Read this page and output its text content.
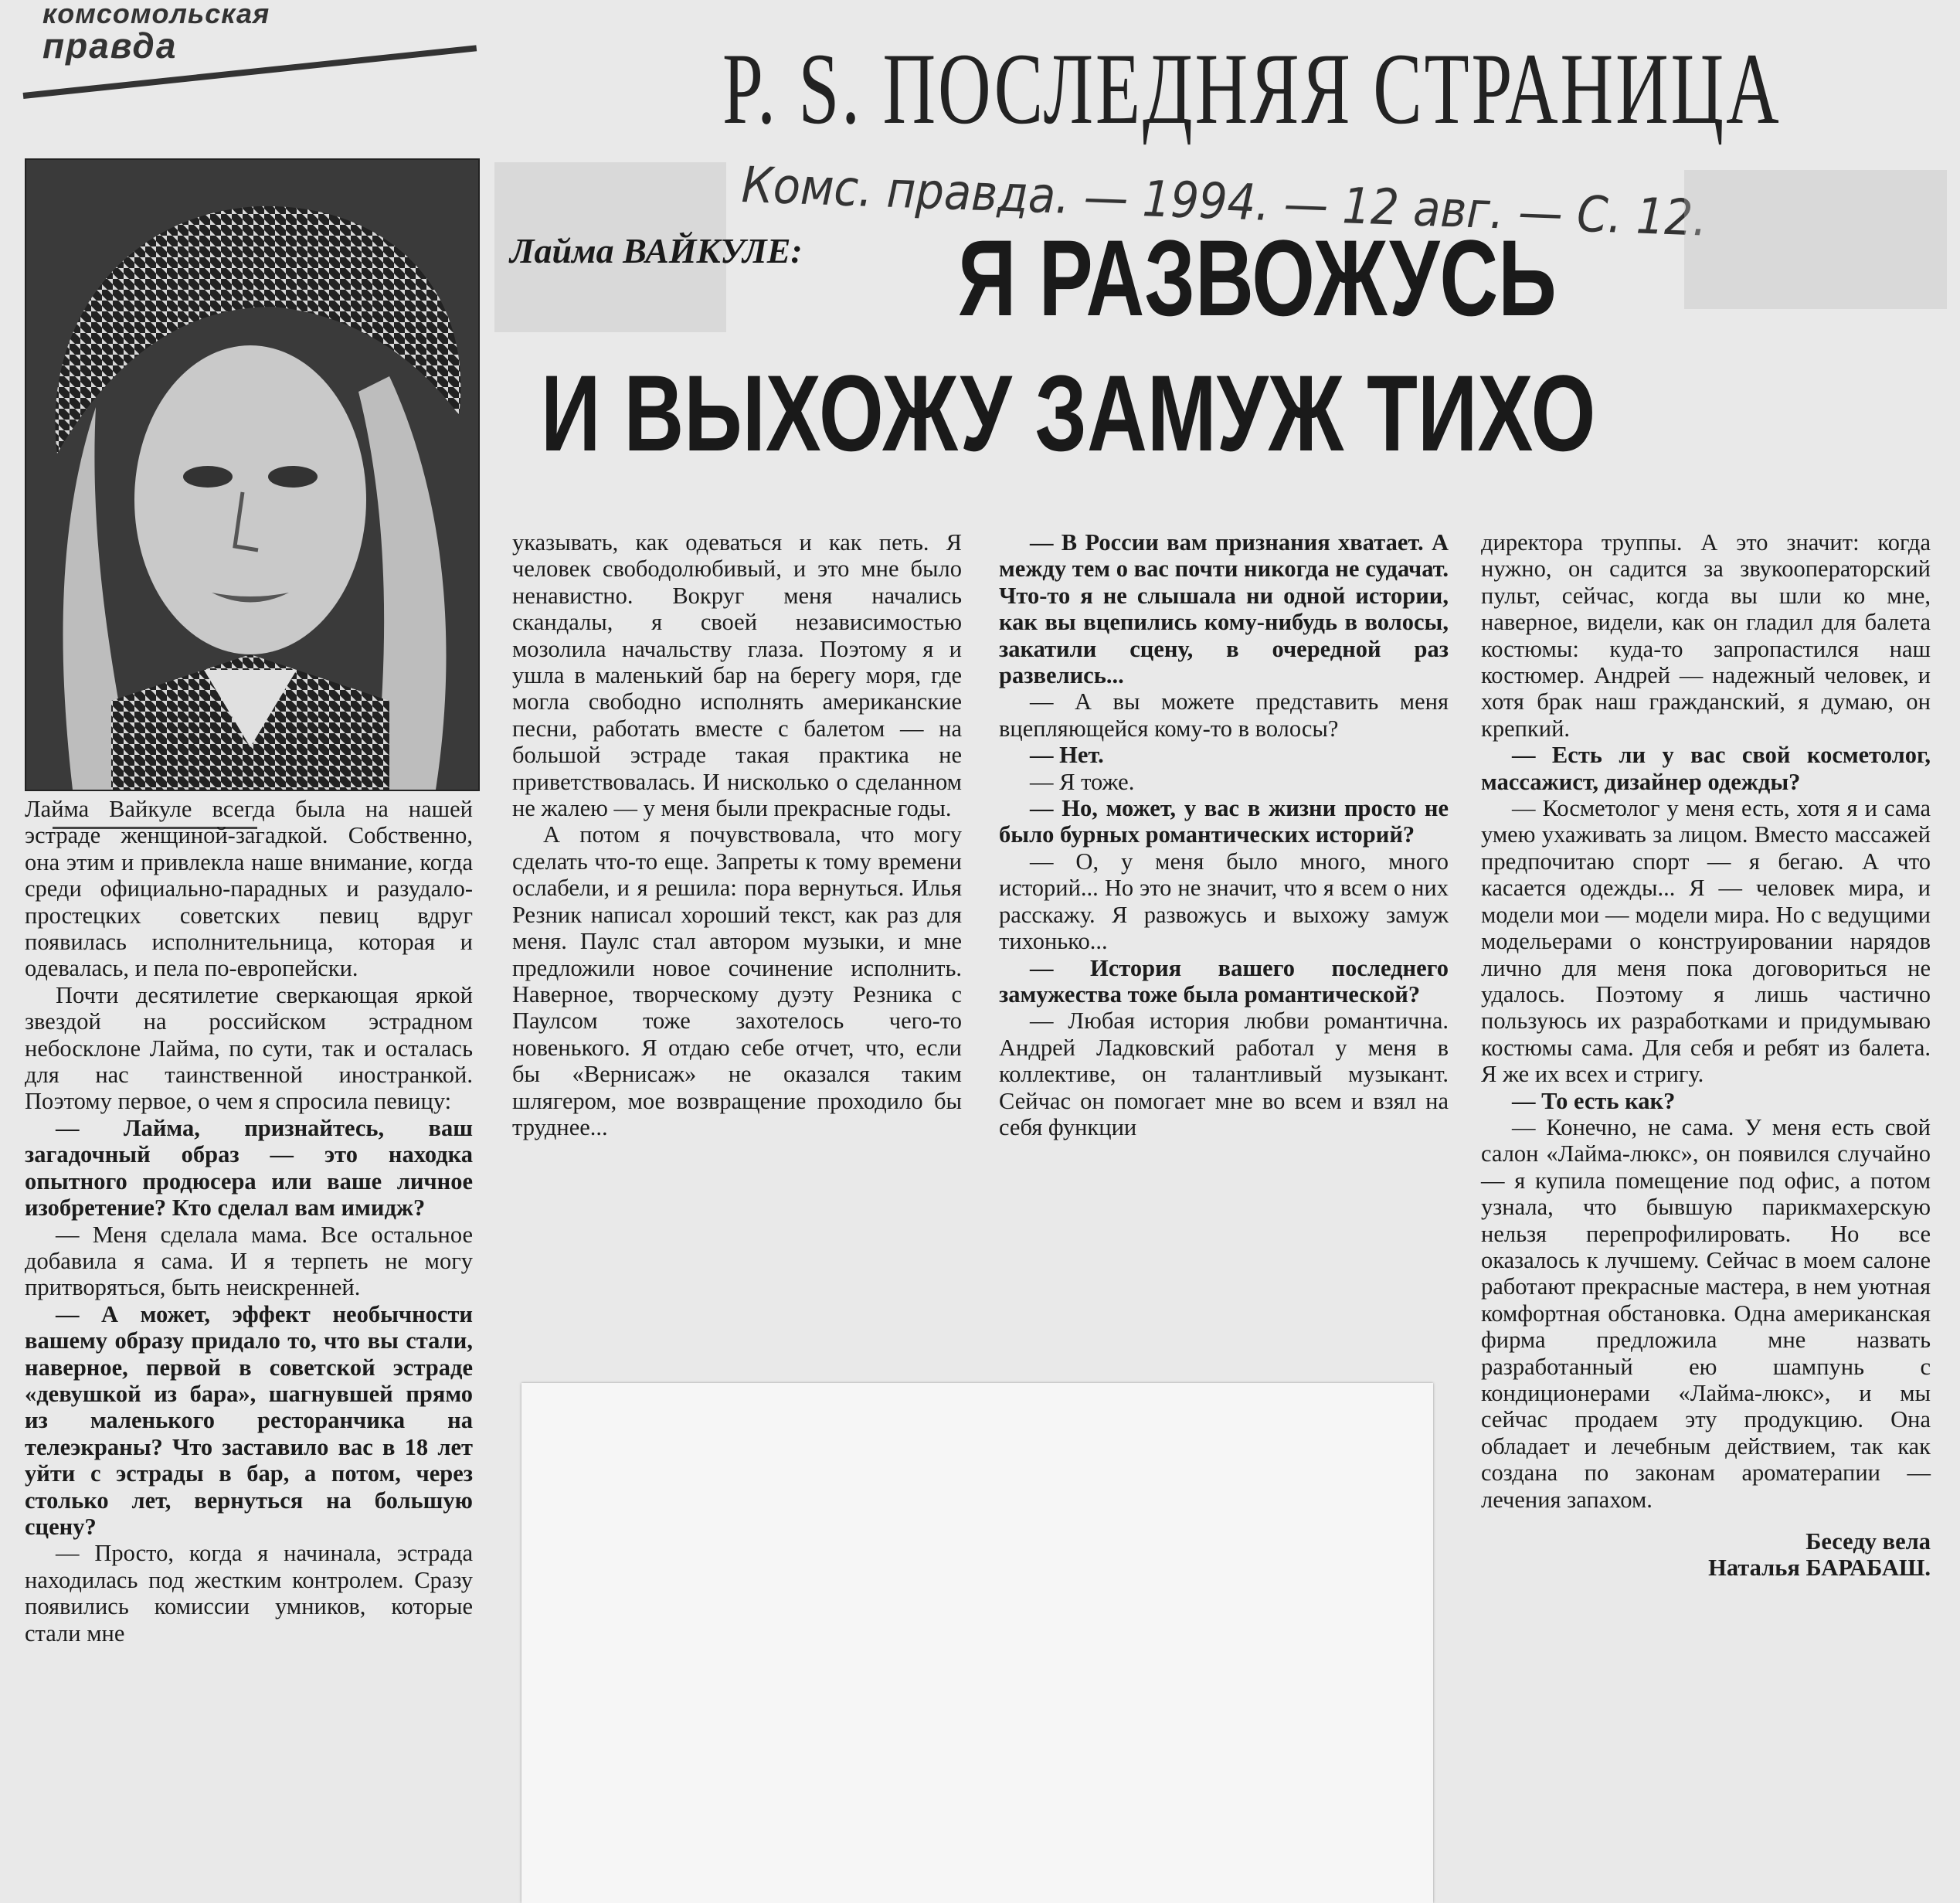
комсомольская
правда	P. S. ПОСЛЕДНЯЯ СТРАНИЦА
Комс. правда. — 1994. — 12 авг. — С. 12.
Лайма ВАЙКУЛЕ:	Я РАЗВОЖУСЬ
И ВЫХОЖУ ЗАМУЖ ТИХО

Лайма Вайкуле всегда была на нашей эстраде женщиной-загадкой. Собственно, она этим и привлекла наше внимание, когда среди официально-парадных и разудало-простецких советских певиц вдруг появилась исполнительница, которая и одевалась, и пела по-европейски.

Почти десятилетие сверкающая яркой звездой на российском эстрадном небосклоне Лайма, по сути, так и осталась для нас таинственной иностранкой. Поэтому первое, о чем я спросила певицу:

— Лайма, признайтесь, ваш загадочный образ — это находка опытного продюсера или ваше личное изобретение? Кто сделал вам имидж?

— Меня сделала мама. Все остальное добавила я сама. И я терпеть не могу притворяться, быть неискренней.

— А может, эффект необычности вашему образу придало то, что вы стали, наверное, первой в советской эстраде «девушкой из бара», шагнувшей прямо из маленького ресторанчика на телеэкраны? Что заставило вас в 18 лет уйти с эстрады в бар, а потом, через столько лет, вернуться на большую сцену?

— Просто, когда я начинала, эстрада находилась под жестким контролем. Сразу появились комиссии умников, которые стали мне

указывать, как одеваться и как петь. Я человек свободолюбивый, и это мне было ненавистно. Вокруг меня начались скандалы, я своей независимостью мозолила начальству глаза. Поэтому я и ушла в маленький бар на берегу моря, где могла свободно исполнять американские песни, работать вместе с балетом — на большой эстраде такая практика не приветствовалась. И нисколько о сделанном не жалею — у меня были прекрасные годы.

А потом я почувствовала, что могу сделать что-то еще. Запреты к тому времени ослабели, и я решила: пора вернуться. Илья Резник написал хороший текст, как раз для меня. Паулс стал автором музыки, и мне предложили новое сочинение исполнить. Наверное, творческому дуэту Резника с Паулсом тоже захотелось чего-то новенького. Я отдаю себе отчет, что, если бы «Вернисаж» не оказался таким шлягером, мое возвращение проходило бы труднее...

— В России вам признания хватает. А между тем о вас почти никогда не судачат. Что-то я не слышала ни одной истории, как вы вцепились кому-нибудь в волосы, закатили сцену, в очередной раз развелись...

— А вы можете представить меня вцепляющейся кому-то в волосы?

— Нет.

— Я тоже.

— Но, может, у вас в жизни просто не было бурных романтических историй?

— О, у меня было много, много историй... Но это не значит, что я всем о них расскажу. Я развожусь и выхожу замуж тихонько...

— История вашего последнего замужества тоже была романтической?

— Любая история любви романтична. Андрей Ладковский работал у меня в коллективе, он талантливый музыкант. Сейчас он помогает мне во всем и взял на себя функции

директора труппы. А это значит: когда нужно, он садится за звукооператорский пульт, сейчас, когда вы шли ко мне, наверное, видели, как он гладил для балета костюмы: куда-то запропастился наш костюмер. Андрей — надежный человек, и хотя брак наш гражданский, я думаю, он крепкий.

— Есть ли у вас свой косметолог, массажист, дизайнер одежды?

— Косметолог у меня есть, хотя я и сама умею ухаживать за лицом. Вместо массажей предпочитаю спорт — я бегаю. А что касается одежды... Я — человек мира, и модели мои — модели мира. Но с ведущими модельерами о конструировании нарядов лично для меня пока договориться не удалось. Поэтому я лишь частично пользуюсь их разработками и придумываю костюмы сама. Для себя и ребят из балета. Я же их всех и стригу.

— То есть как?

— Конечно, не сама. У меня есть свой салон «Лайма-люкс», он появился случайно — я купила помещение под офис, а потом узнала, что бывшую парикмахерскую нельзя перепрофилировать. Но все оказалось к лучшему. Сейчас в моем салоне работают прекрасные мастера, в нем уютная комфортная обстановка. Одна американская фирма предложила мне назвать разработанный ею шампунь с кондиционерами «Лайма-люкс», и мы сейчас продаем эту продукцию. Она обладает и лечебным действием, так как создана по законам ароматерапии — лечения запахом.

Беседу вела

Наталья БАРАБАШ.
